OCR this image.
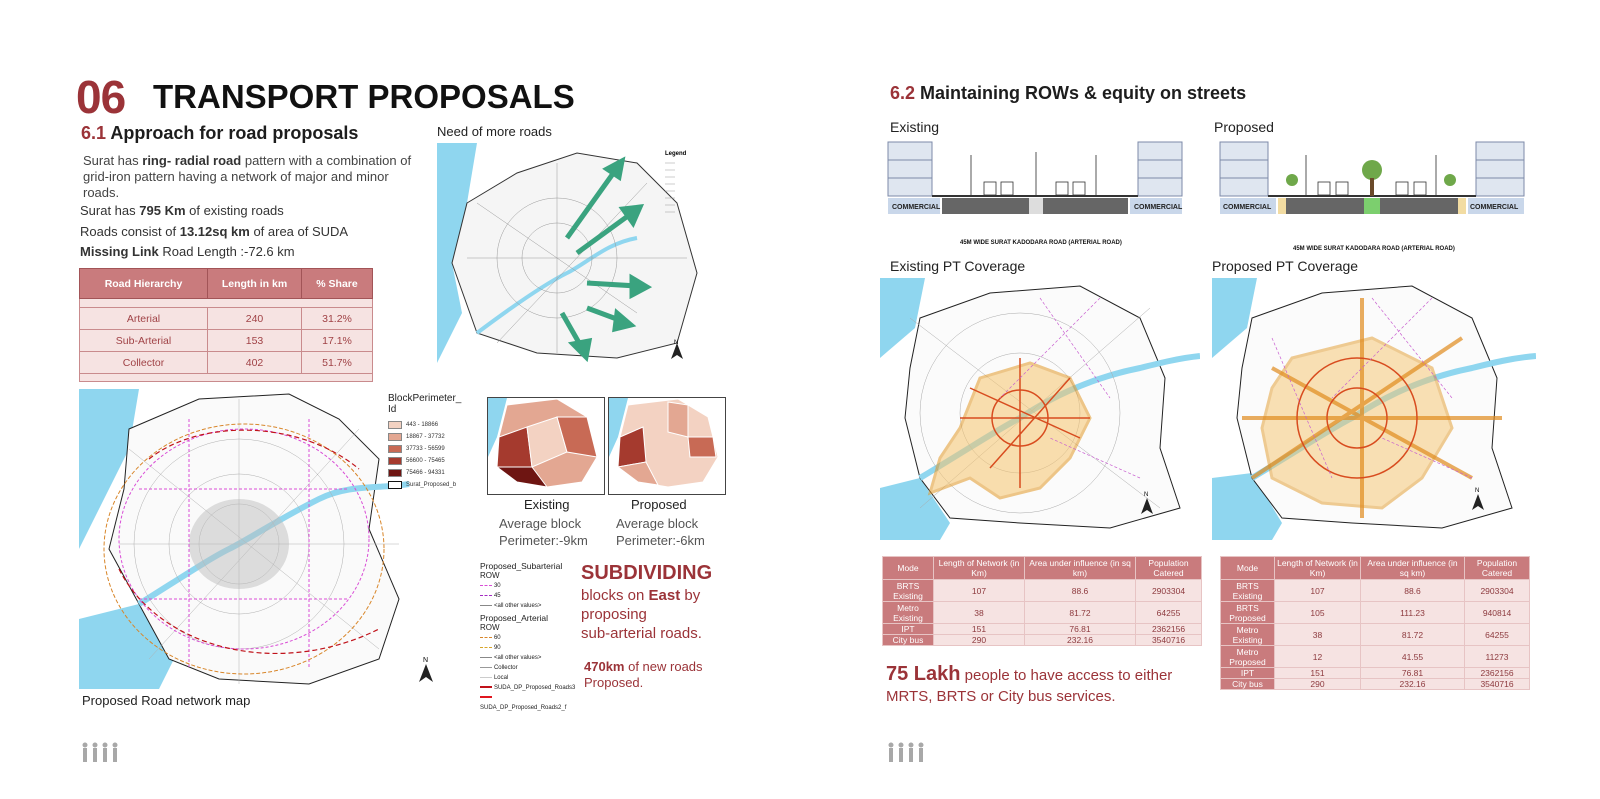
06 TRANSPORT PROPOSALS
6.1 Approach for road proposals
Surat has ring- radial road pattern with a combination of grid-iron pattern having a network of major and minor roads.
Surat has 795 Km of existing roads
Roads consist of 13.12sq km of area of SUDA
Missing Link Road Length :-72.6 km
Road Hierarchy	Length in km	% Share

Arterial	240	31.2%
Sub-Arterial	153	17.1%
Collector	402	51.7%

Need of more roads
Legend
N
N
Proposed Road network map
BlockPerimeter_
Id
443 - 18866
18867 - 37732
37733 - 56599
56600 - 75465
75466 - 94331
Surat_Proposed_b
Existing
Average block
Perimeter:-9km
Proposed
Average block
Perimeter:-6km
Proposed_Subarterial
ROW
30
45
<all other values>
Proposed_Arterial
ROW
60
90
<all other values>
Collector
Local
SUDA_DP_Proposed_Roads3
SUDA_DP_Proposed_Roads2_f
SUBDIVIDING
blocks on East by
proposing
sub-arterial roads.
470km of new roads
Proposed.
6.2 Maintaining ROWs & equity on streets
Existing	Proposed
COMMERCIAL	COMMERCIAL
45M WIDE SURAT KADODARA ROAD (ARTERIAL ROAD)
COMMERCIAL	COMMERCIAL
45M WIDE SURAT KADODARA ROAD (ARTERIAL ROAD)
Existing PT Coverage	Proposed PT Coverage
N
N
Mode	Length of Network (in Km)	Area under influence (in sq km)	Population Catered
BRTS Existing	107	88.6	2903304
Metro Existing	38	81.72	64255
IPT	151	76.81	2362156
City bus	290	232.16	3540716
Mode	Length of Network (in Km)	Area under influence (in sq km)	Population Catered
BRTS Existing	107	88.6	2903304
BRTS Proposed	105	111.23	940814
Metro Existing	38	81.72	64255
Metro Proposed	12	41.55	11273
IPT	151	76.81	2362156
City bus	290	232.16	3540716
75 Lakh people to have access to either
MRTS, BRTS or City bus services.
